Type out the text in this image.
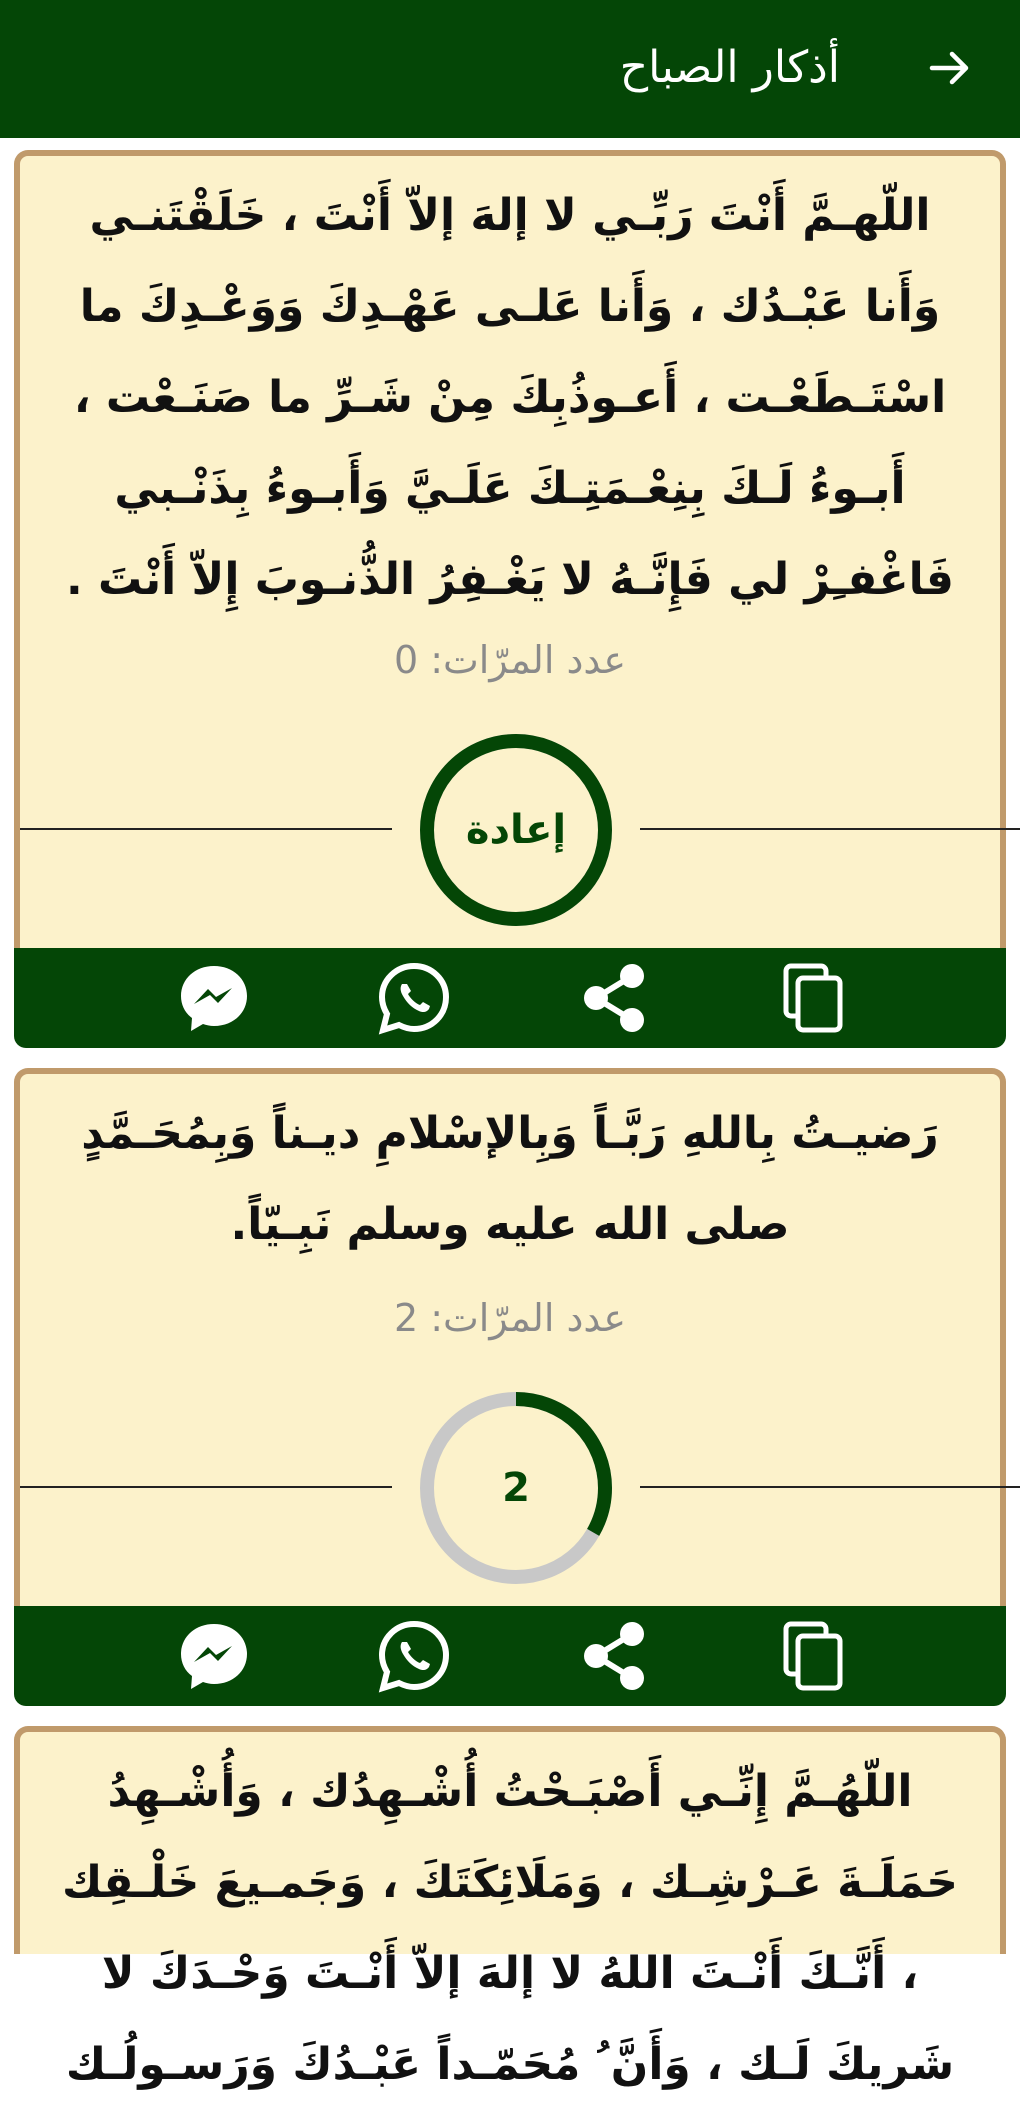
أذكار الصباح

اللّهـمَّ أَنْتَ رَبِّـي لا إلهَ إلاّ أَنْتَ ، خَلَقْتَنـي وَأَنا عَبْـدُك ، وَأَنا عَلـى عَهْـدِكَ وَوَعْـدِكَ ما اسْتَـطَعْـت ، أَعـوذُبِكَ مِنْ شَـرِّ ما صَنَـعْت ، أَبـوءُ لَـكَ بِنِعْـمَتِـكَ عَلَـيَّ وَأَبـوءُ بِذَنْـبي فَاغْفـِرْ لي فَإِنَّـهُ لا يَغْـفِرُ الذُّنـوبَ إِلاّ أَنْتَ .

عدد المرّات: 0
إعادة

رَضيـتُ بِاللهِ رَبَّـاً وَبِالإسْلامِ ديـناً وَبِمُحَـمَّدٍ صلى الله عليه وسلم نَبِـيّاً.

عدد المرّات: 2
2

اللّهُـمَّ إِنِّـي أَصْبَـحْتُ أُشْـهِدُك ، وَأُشْـهِدُ حَمَلَـةَ عَـرْشِـك ، وَمَلَائِكَتَكَ ، وَجَمـيعَ خَلْـقِك ، أَنَّـكَ أَنْـتَ اللهُ لا إلهَ إلاّ أَنْـتَ وَحْـدَكَ لا شَريكَ لَـك ، وَأَنَّ ُ مُحَمّـداً عَبْـدُكَ وَرَسـولُـك
